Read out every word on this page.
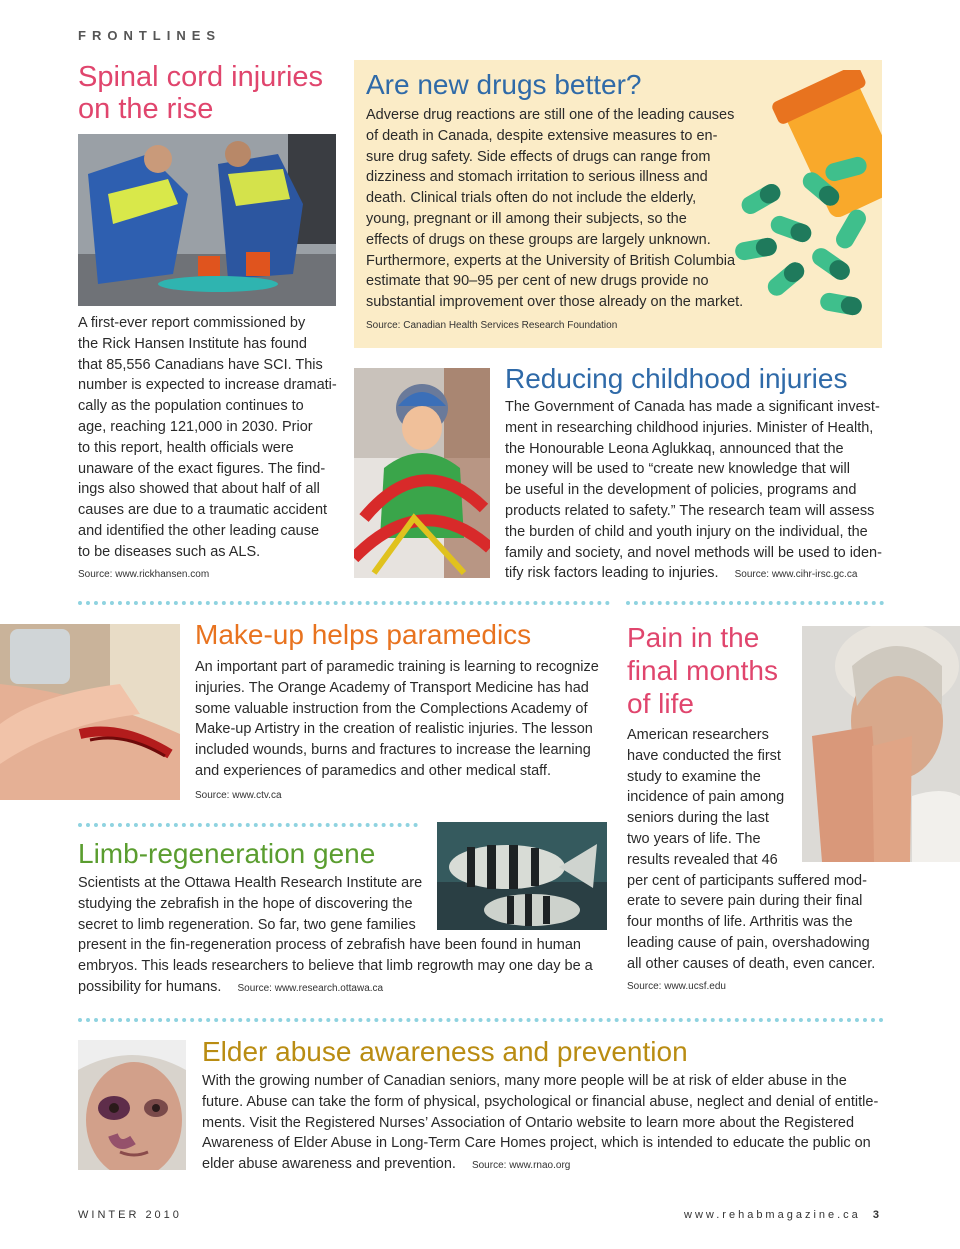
FRONTLINES
Spinal cord injuries
on the rise
A first-ever report commissioned by
the Rick Hansen Institute has found
that 85,556 Canadians have SCI. This
number is expected to increase dramati-
cally as the population continues to
age, reaching 121,000 in 2030. Prior
to this report, health officials were
unaware of the exact figures. The find-
ings also showed that about half of all
causes are due to a traumatic accident
and identified the other leading cause
to be diseases such as ALS.
Source: www.rickhansen.com
Are new drugs better?
Adverse drug reactions are still one of the leading causes
of death in Canada, despite extensive measures to en-
sure drug safety. Side effects of drugs can range from
dizziness and stomach irritation to serious illness and
death. Clinical trials often do not include the elderly,
young, pregnant or ill among their subjects, so the
effects of drugs on these groups are largely unknown.
Furthermore, experts at the University of British Columbia
estimate that 90–95 per cent of new drugs provide no
substantial improvement over those already on the market.
Source: Canadian Health Services Research Foundation
Reducing childhood injuries
The Government of Canada has made a significant invest-
ment in researching childhood injuries. Minister of Health,
the Honourable Leona Aglukkaq, announced that the
money will be used to “create new knowledge that will
be useful in the development of policies, programs and
products related to safety.” The research team will assess
the burden of child and youth injury on the individual, the
family and society, and novel methods will be used to iden-
tify risk factors leading to injuries. Source: www.cihr-irsc.gc.ca
Make-up helps paramedics
An important part of paramedic training is learning to recognize
injuries. The Orange Academy of Transport Medicine has had
some valuable instruction from the Complections Academy of
Make-up Artistry in the creation of realistic injuries. The lesson
included wounds, burns and fractures to increase the learning
and experiences of paramedics and other medical staff.
Source: www.ctv.ca
Limb-regeneration gene
Scientists at the Ottawa Health Research Institute are
studying the zebrafish in the hope of discovering the
secret to limb regeneration. So far, two gene families
present in the fin-regeneration process of zebrafish have been found in human
embryos. This leads researchers to believe that limb regrowth may one day be a
possibility for humans. Source: www.research.ottawa.ca
Pain in the
final months
of life
American researchers
have conducted the first
study to examine the
incidence of pain among
seniors during the last
two years of life. The
results revealed that 46
per cent of participants suffered mod-
erate to severe pain during their final
four months of life. Arthritis was the
leading cause of pain, overshadowing
all other causes of death, even cancer.
Source: www.ucsf.edu
Elder abuse awareness and prevention
With the growing number of Canadian seniors, many more people will be at risk of elder abuse in the
future. Abuse can take the form of physical, psychological or financial abuse, neglect and denial of entitle-
ments. Visit the Registered Nurses’ Association of Ontario website to learn more about the Registered
Awareness of Elder Abuse in Long-Term Care Homes project, which is intended to educate the public on
elder abuse awareness and prevention. Source: www.rnao.org
WINTER 2010	www.rehabmagazine.ca 3
